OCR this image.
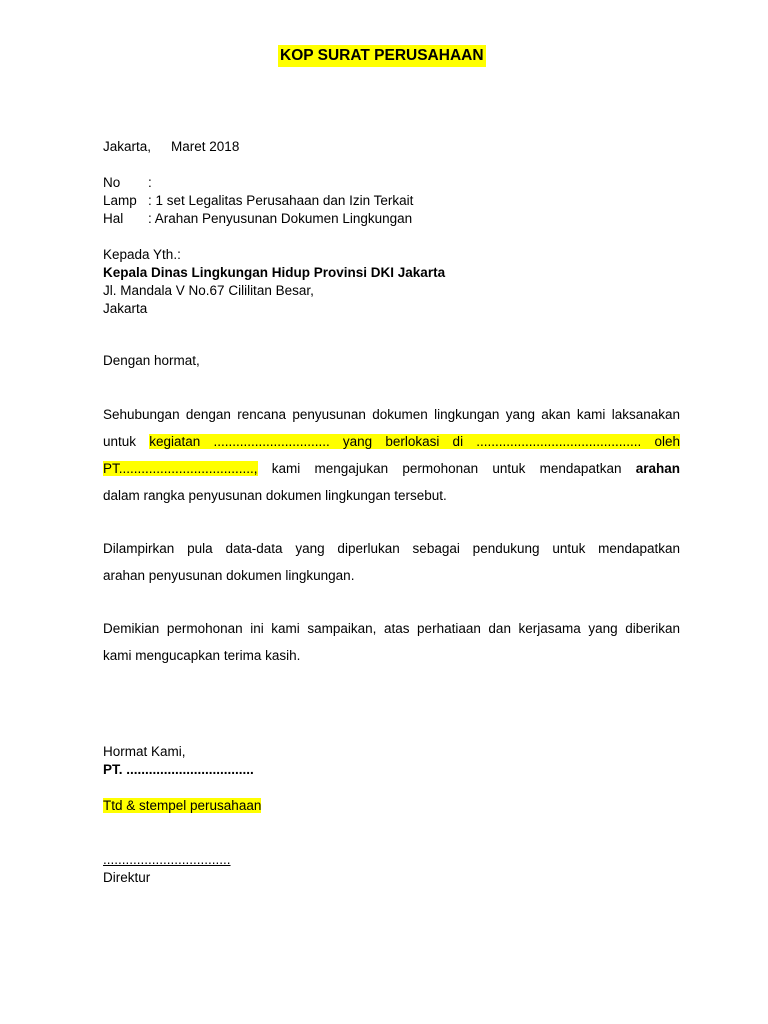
KOP SURAT PERUSAHAAN
Jakarta, Maret 2018
No :
Lamp : 1 set Legalitas Perusahaan dan Izin Terkait
Hal : Arahan Penyusunan Dokumen Lingkungan
Kepada Yth.:
Kepala Dinas Lingkungan Hidup Provinsi DKI Jakarta
Jl. Mandala V No.67 Cililitan Besar,
Jakarta
Dengan hormat,
Sehubungan dengan rencana penyusunan dokumen lingkungan yang akan kami laksanakan
untuk kegiatan ............................... yang berlokasi di ............................................ oleh
PT...................................., kami mengajukan permohonan untuk mendapatkan arahan
dalam rangka penyusunan dokumen lingkungan tersebut.
Dilampirkan pula data-data yang diperlukan sebagai pendukung untuk mendapatkan
arahan penyusunan dokumen lingkungan.
Demikian permohonan ini kami sampaikan, atas perhatiaan dan kerjasama yang diberikan
kami mengucapkan terima kasih.
Hormat Kami,
PT. ..................................
Ttd & stempel perusahaan
..................................
Direktur
